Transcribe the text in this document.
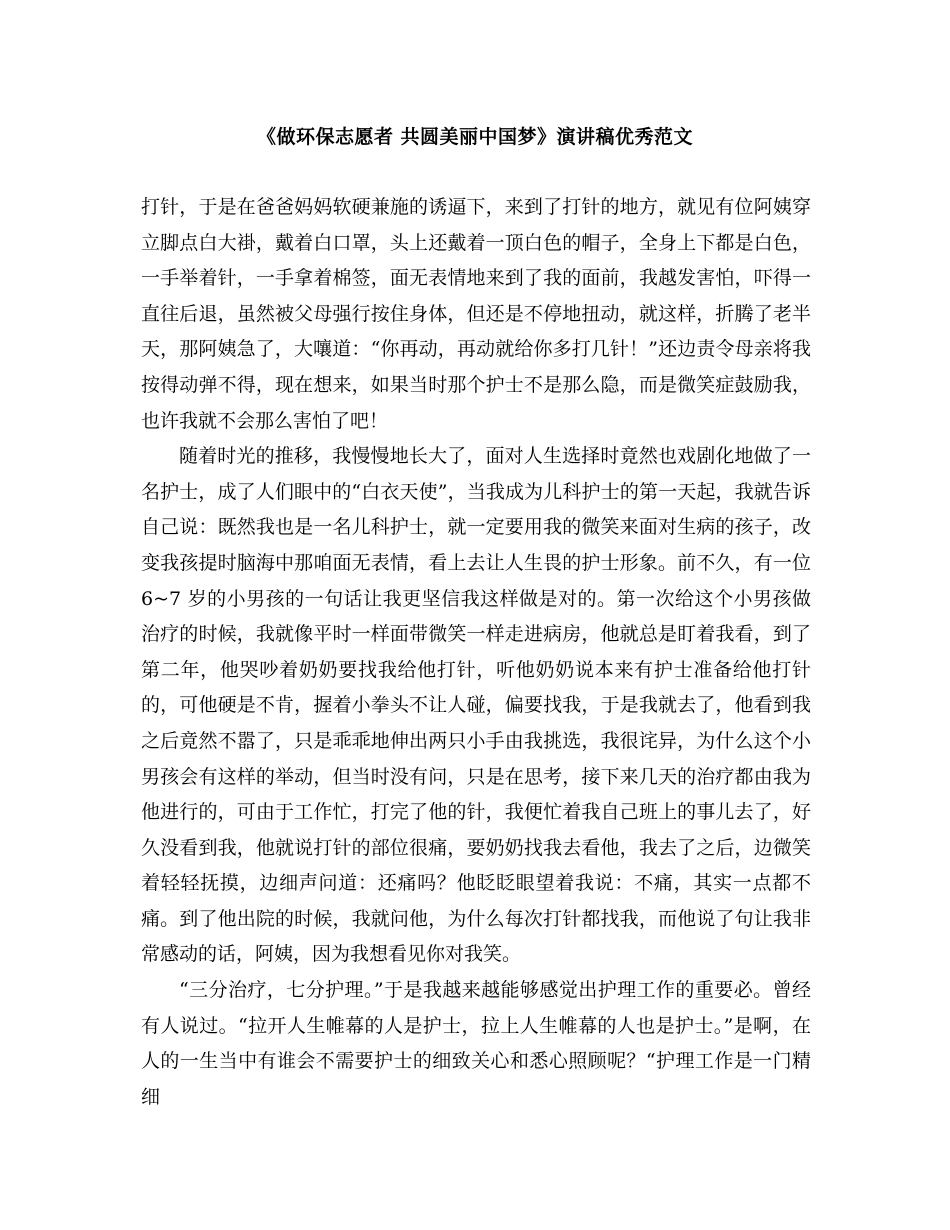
《做环保志愿者 共圆美丽中国梦》演讲稿优秀范文

打针，于是在爸爸妈妈软硬兼施的诱逼下，来到了打针的地方，就见有位阿姨穿立脚点白大褂，戴着白口罩，头上还戴着一顶白色的帽子，全身上下都是白色，一手举着针，一手拿着棉签，面无表情地来到了我的面前，我越发害怕，吓得一直往后退，虽然被父母强行按住身体，但还是不停地扭动，就这样，折腾了老半天，那阿姨急了，大嚷道：“你再动，再动就给你多打几针！”还边责令母亲将我按得动弹不得，现在想来，如果当时那个护士不是那么隐，而是微笑症鼓励我，也许我就不会那么害怕了吧！

随着时光的推移，我慢慢地长大了，面对人生选择时竟然也戏剧化地做了一名护士，成了人们眼中的“白衣天使”，当我成为儿科护士的第一天起，我就告诉自己说：既然我也是一名儿科护士，就一定要用我的微笑来面对生病的孩子，改变我孩提时脑海中那咱面无表情，看上去让人生畏的护士形象。前不久，有一位 6~7 岁的小男孩的一句话让我更坚信我这样做是对的。第一次给这个小男孩做治疗的时候，我就像平时一样面带微笑一样走进病房，他就总是盯着我看，到了第二年，他哭吵着奶奶要找我给他打针，听他奶奶说本来有护士准备给他打针的，可他硬是不肯，握着小拳头不让人碰，偏要找我，于是我就去了，他看到我之后竟然不嚣了，只是乖乖地伸出两只小手由我挑选，我很诧异，为什么这个小男孩会有这样的举动，但当时没有问，只是在思考，接下来几天的治疗都由我为他进行的，可由于工作忙，打完了他的针，我便忙着我自己班上的事儿去了，好久没看到我，他就说打针的部位很痛，要奶奶找我去看他，我去了之后，边微笑着轻轻抚摸，边细声问道：还痛吗？他眨眨眼望着我说：不痛，其实一点都不痛。到了他出院的时候，我就问他，为什么每次打针都找我，而他说了句让我非常感动的话，阿姨，因为我想看见你对我笑。

“三分治疗，七分护理。”于是我越来越能够感觉出护理工作的重要必。曾经有人说过。“拉开人生帷幕的人是护士，拉上人生帷幕的人也是护士。”是啊，在人的一生当中有谁会不需要护士的细致关心和悉心照顾呢？“护理工作是一门精细
